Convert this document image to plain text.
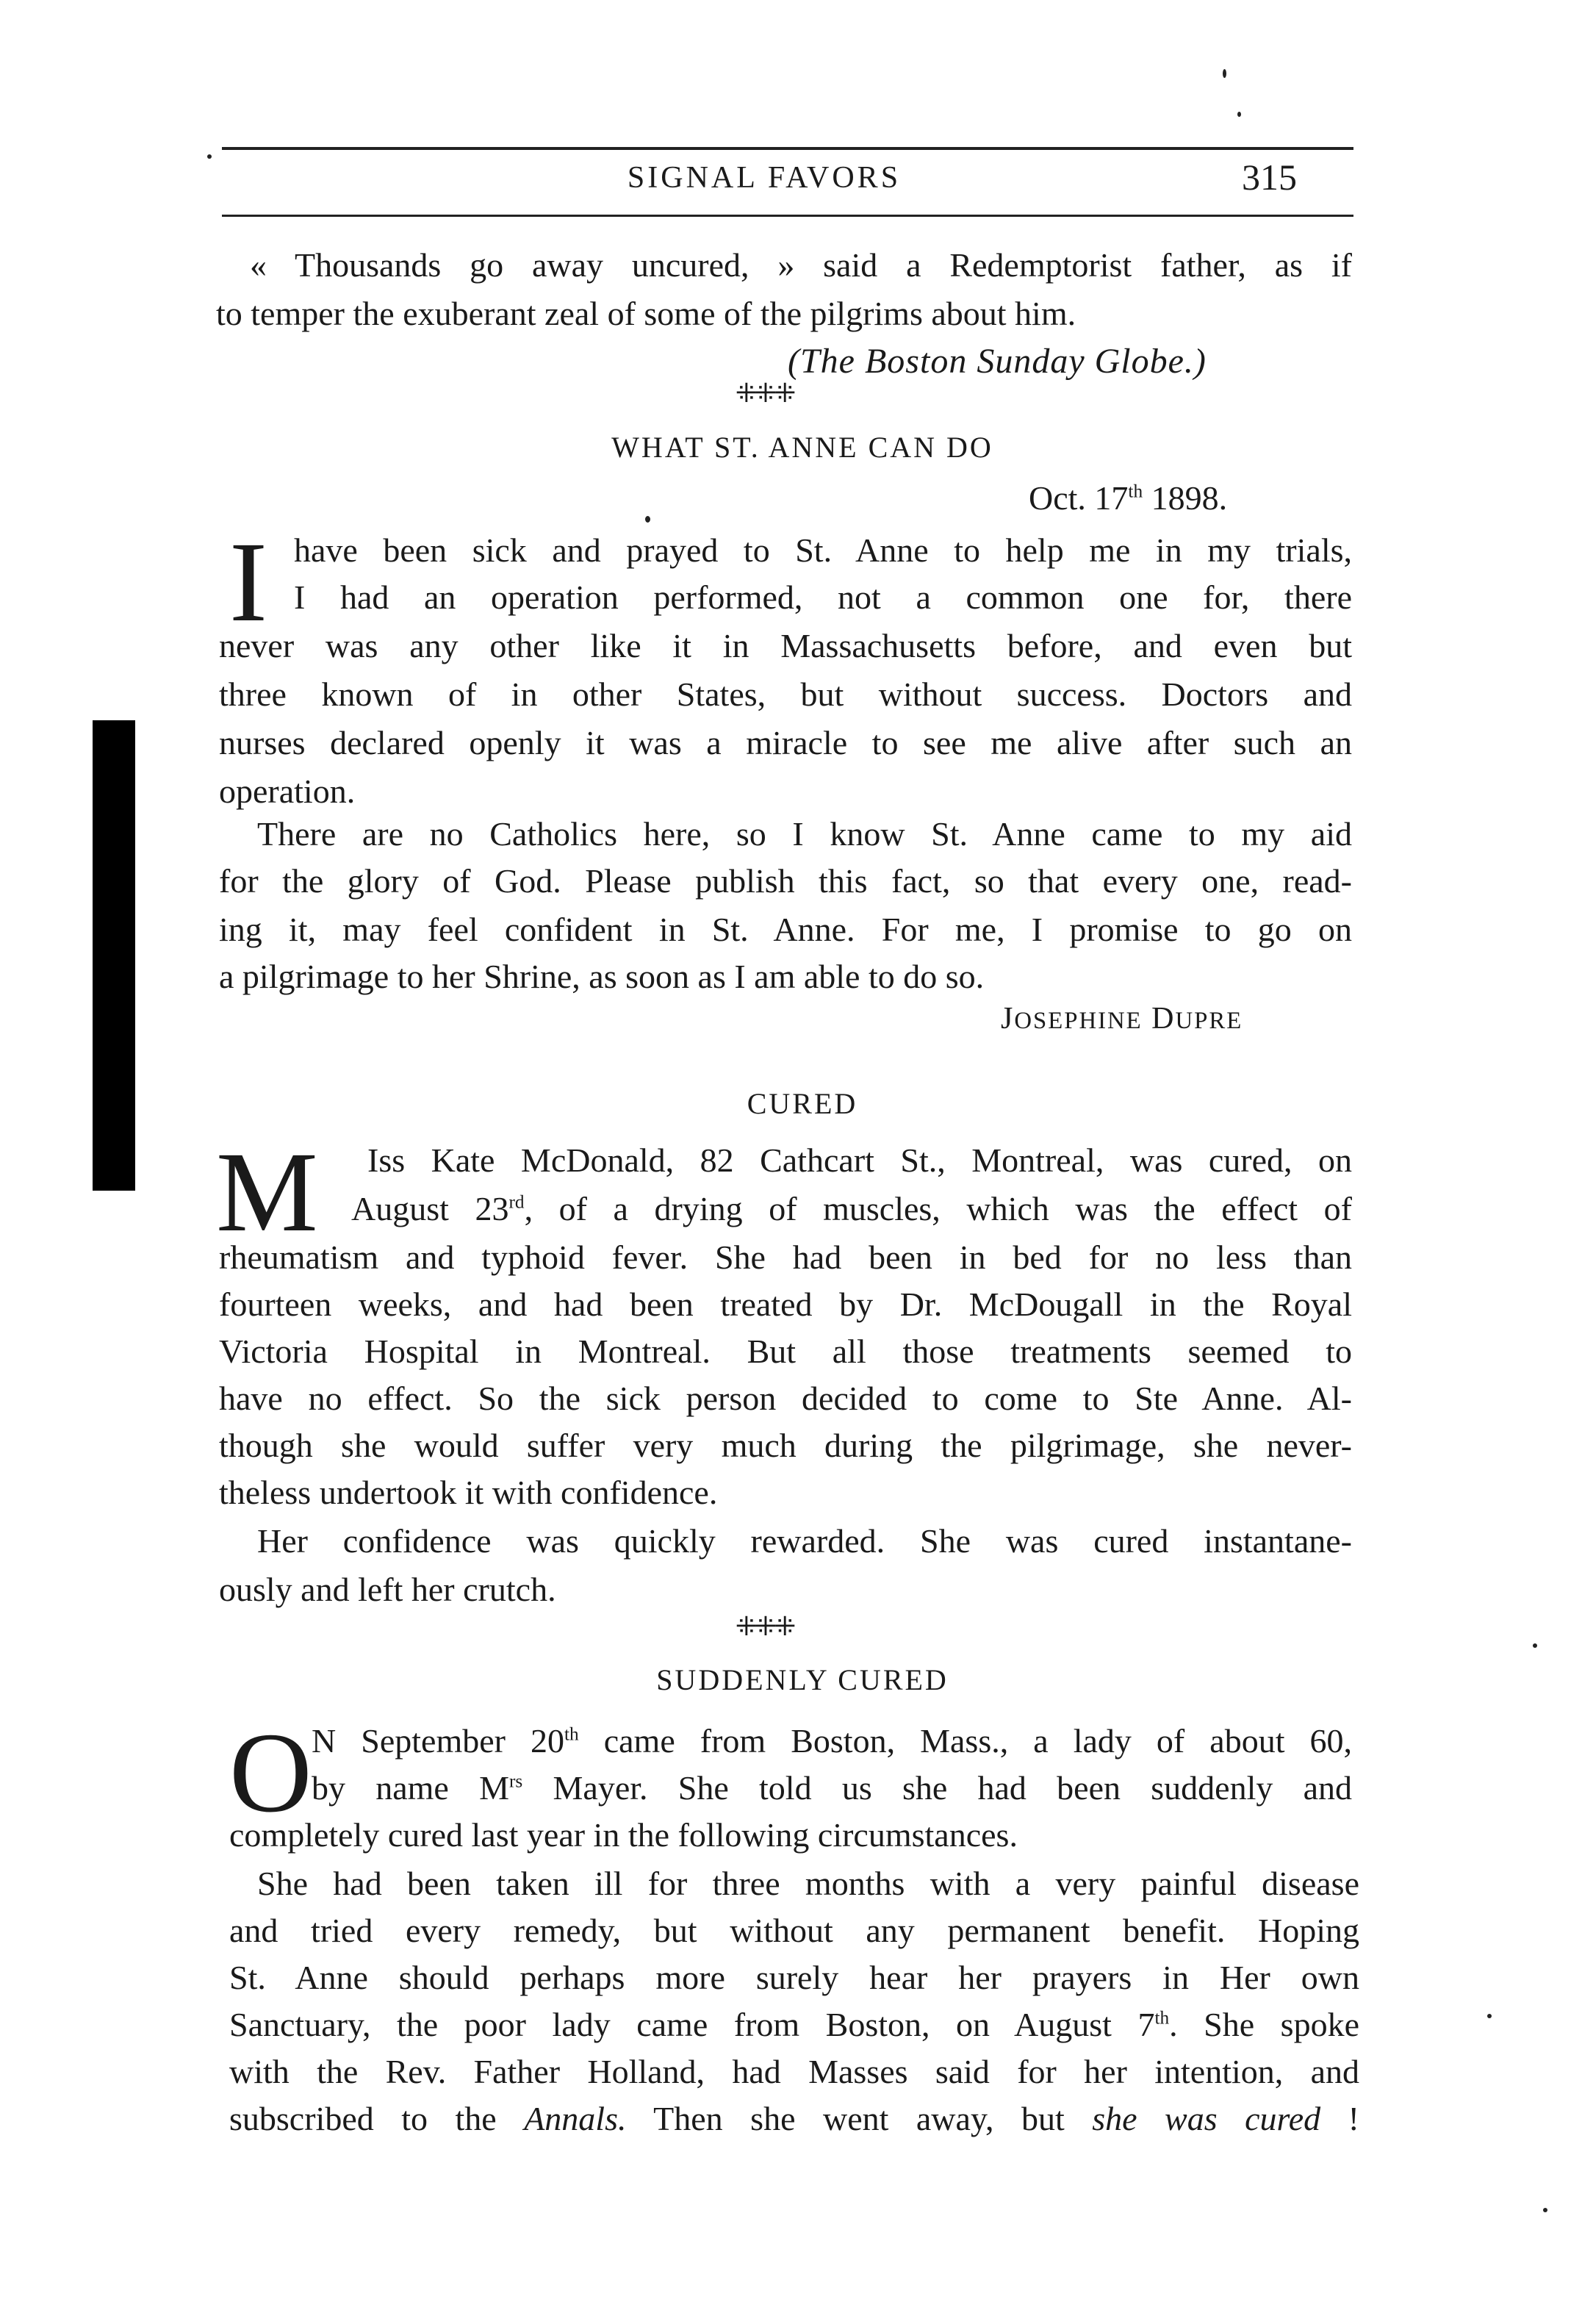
SIGNAL FAVORS	315
« Thousands go away uncured, » said a Redemptorist father, as if
to temper the exuberant zeal of some of the pilgrims about him.
(The Boston Sunday Globe.)
⁜⁜⁜
WHAT ST. ANNE CAN DO
Oct. 17th 1898.
I have been sick and prayed to St. Anne to help me in my trials,
I had an operation performed, not a common one for, there
never was any other like it in Massachusetts before, and even but
three known of in other States, but without success. Doctors and
nurses declared openly it was a miracle to see me alive after such an
operation.
There are no Catholics here, so I know St. Anne came to my aid
for the glory of God. Please publish this fact, so that every one, read-
ing it, may feel confident in St. Anne. For me, I promise to go on
a pilgrimage to her Shrine, as soon as I am able to do so.
JOSEPHINE DUPRE
CURED
M Iss Kate McDonald, 82 Cathcart St., Montreal, was cured, on
August 23rd, of a drying of muscles, which was the effect of
rheumatism and typhoid fever. She had been in bed for no less than
fourteen weeks, and had been treated by Dr. McDougall in the Royal
Victoria Hospital in Montreal. But all those treatments seemed to
have no effect. So the sick person decided to come to Ste Anne. Al-
though she would suffer very much during the pilgrimage, she never-
theless undertook it with confidence.
Her confidence was quickly rewarded. She was cured instantane-
ously and left her crutch.
⁜⁜⁜
SUDDENLY CURED
O N September 20th came from Boston, Mass., a lady of about 60,
by name $M^{rs}$ Mayer. She told us she had been suddenly and
completely cured last year in the following circumstances.
She had been taken ill for three months with a very painful disease
and tried every remedy, but without any permanent benefit. Hoping
St. Anne should perhaps more surely hear her prayers in Her own
Sanctuary, the poor lady came from Boston, on August 7th. She spoke
with the Rev. Father Holland, had Masses said for her intention, and
subscribed to the Annals. Then she went away, but she was cured !
